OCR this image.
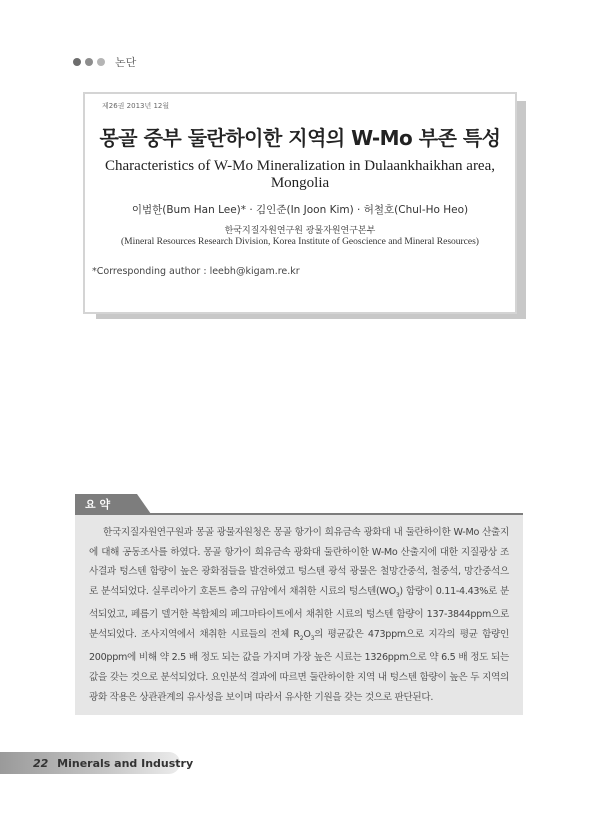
논단
제26권 2013년 12월
몽골 중부 둘란하이한 지역의 W-Mo 부존 특성
Characteristics of W-Mo Mineralization in Dulaankhaikhan area, Mongolia
이범한(Bum Han Lee)* · 김인준(In Joon Kim) · 허철호(Chul-Ho Heo)
한국지질자원연구원 광물자원연구본부
(Mineral Resources Research Division, Korea Institute of Geoscience and Mineral Resources)
*Corresponding author : leebh@kigam.re.kr
요 약

한국지질자원연구원과 몽골 광물자원청은 몽골 항가이 희유금속 광화대 내 둘란하이한 W-Mo 산출지에 대해 공동조사를 하였다. 몽골 항가이 희유금속 광화대 둘란하이한 W-Mo 산출지에 대한 지질광상 조사결과 텅스텐 함량이 높은 광화점들을 발견하였고 텅스텐 광석 광물은 철망간중석, 철중석, 망간중석으로 분석되었다. 실루리아기 호톤트 층의 규암에서 채취한 시료의 텅스텐$(WO_3)$ 함량이 0.11-4.43%로 분석되었고, 페름기 델거한 복합체의 페그마타이트에서 채취한 시료의 텅스텐 함량이 137-3844ppm으로 분석되었다. 조사지역에서 채취한 시료들의 전체 $R_2O_3$의 평균값은 473ppm으로 지각의 평균 함량인 200ppm에 비해 약 2.5 배 정도 되는 값을 가지며 가장 높은 시료는 1326ppm으로 약 6.5 배 정도 되는 값을 갖는 것으로 분석되었다. 요인분석 결과에 따르면 둘란하이한 지역 내 텅스텐 함량이 높은 두 지역의 광화 작용은 상관관계의 유사성을 보이며 따라서 유사한 기원을 갖는 것으로 판단된다.

22 Minerals and Industry
